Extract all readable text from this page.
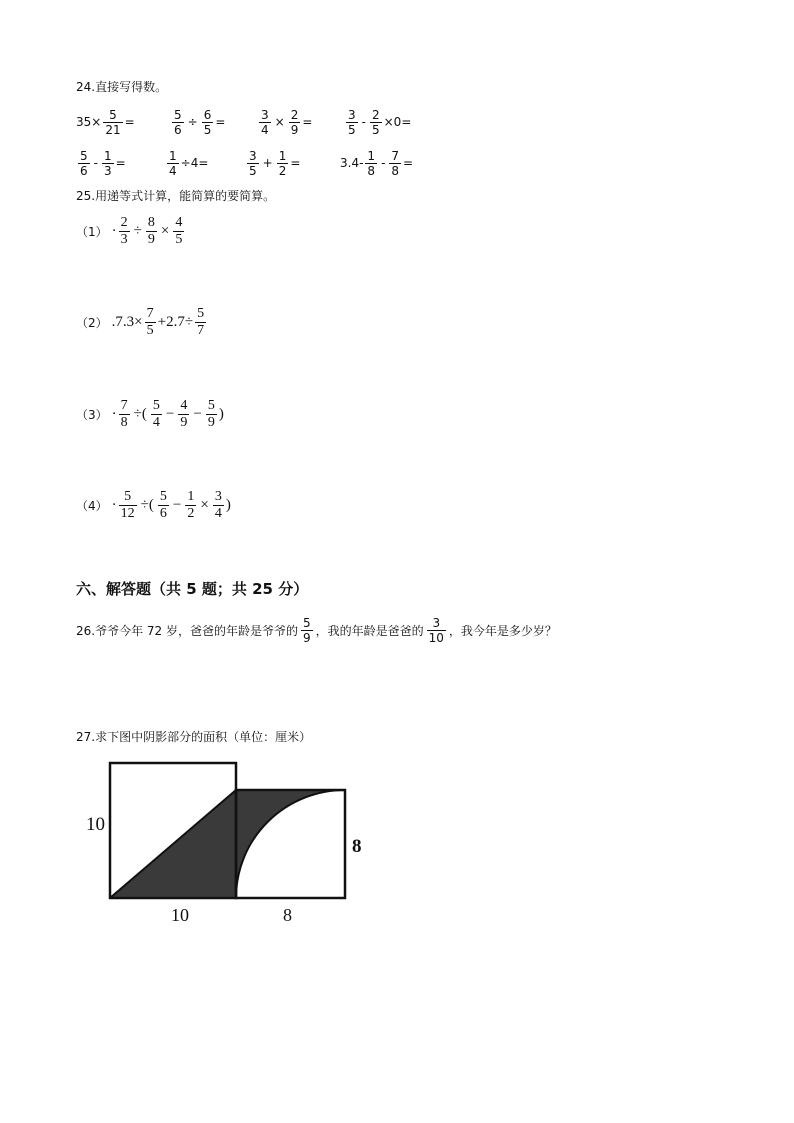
24.直接写得数。
$35\times \frac{5}{21}$ =	$\frac{5}{6} \div \frac{6}{5}$ =	$\frac{3}{4} \times \frac{2}{9}$ =	$\frac{3}{5} - \frac{2}{5} \times 0=$
$\frac{5}{6} - \frac{1}{3}$ =	$\frac{1}{4} \div 4=$	$\frac{3}{5} + \frac{1}{2}$ =	$3.4- \frac{1}{8} - \frac{7}{8}$ =
25.用递等式计算，能简算的要简算。
$(1) \cdot \frac{2}{3} \div \frac{8}{9} \times \frac{4}{5}$
（2） $.7.3\times \frac{7}{5} +2.7\div \frac{5}{7}$
$(3) \cdot \frac{7}{8}$ ÷( $\frac{5}{4} - \frac{4}{9} - \frac{5}{9}$ )
$(4) \cdot \frac{5}{12}$ ÷( $\frac{5}{6} - \frac{1}{2} \times \frac{3}{4}$ )
六、解答题（共 5 题；共 25 分）
26.爷爷今年 72 岁，爸爸的年龄是爷爷的 $\frac{5}{9}$ ，我的年龄是爸爸的 $\frac{3}{10}$ ，我今年是多少岁？
27.求下图中阴影部分的面积（单位：厘米）
10
10	8
8
